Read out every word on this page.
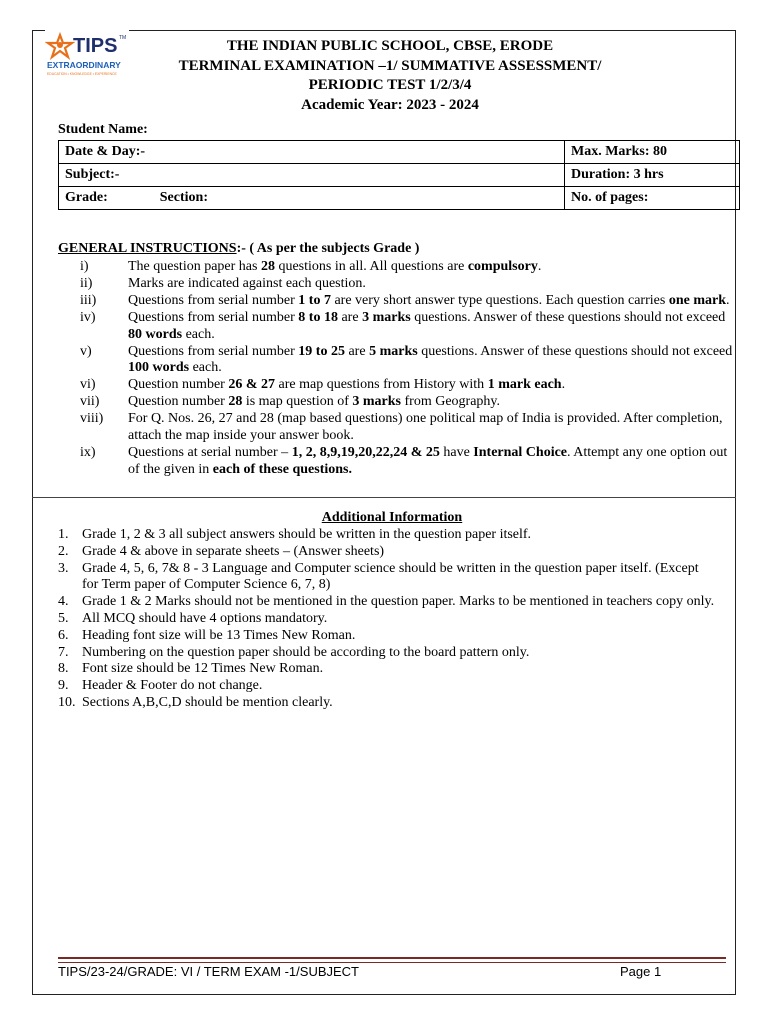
TIPS TM
EXTRAORDINARY
EDUCATION • KNOWLEDGE • EXPERIENCE
THE INDIAN PUBLIC SCHOOL, CBSE, ERODE
TERMINAL EXAMINATION –1/ SUMMATIVE ASSESSMENT/
PERIODIC TEST 1/2/3/4
Academic Year: 2023 - 2024
Student Name:
Date & Day:-	Max. Marks: 80
Subject:-	Duration: 3 hrs
Grade: Section:	No. of pages:
GENERAL INSTRUCTIONS:- ( As per the subjects Grade )
i)	The question paper has 28 questions in all. All questions are compulsory.
ii)	Marks are indicated against each question.
iii)	Questions from serial number 1 to 7 are very short answer type questions. Each question carries one mark.
iv)	Questions from serial number 8 to 18 are 3 marks questions. Answer of these questions should not exceed 80 words each.
v)	Questions from serial number 19 to 25 are 5 marks questions. Answer of these questions should not exceed 100 words each.
vi)	Question number 26 & 27 are map questions from History with 1 mark each.
vii)	Question number 28 is map question of 3 marks from Geography.
viii)	For Q. Nos. 26, 27 and 28 (map based questions) one political map of India is provided. After completion, attach the map inside your answer book.
ix)	Questions at serial number – 1, 2, 8,9,19,20,22,24 & 25 have Internal Choice. Attempt any one option out of the given in each of these questions.
Additional Information
1. Grade 1, 2 & 3 all subject answers should be written in the question paper itself.
2. Grade 4 & above in separate sheets – (Answer sheets)
3. Grade 4, 5, 6, 7& 8 - 3 Language and Computer science should be written in the question paper itself. (Except for Term paper of Computer Science 6, 7, 8)
4. Grade 1 & 2 Marks should not be mentioned in the question paper. Marks to be mentioned in teachers copy only.
5. All MCQ should have 4 options mandatory.
6. Heading font size will be 13 Times New Roman.
7. Numbering on the question paper should be according to the board pattern only.
8. Font size should be 12 Times New Roman.
9. Header & Footer do not change.
10. Sections A,B,C,D should be mention clearly.
TIPS/23-24/GRADE: VI / TERM EXAM -1/SUBJECT	Page 1
